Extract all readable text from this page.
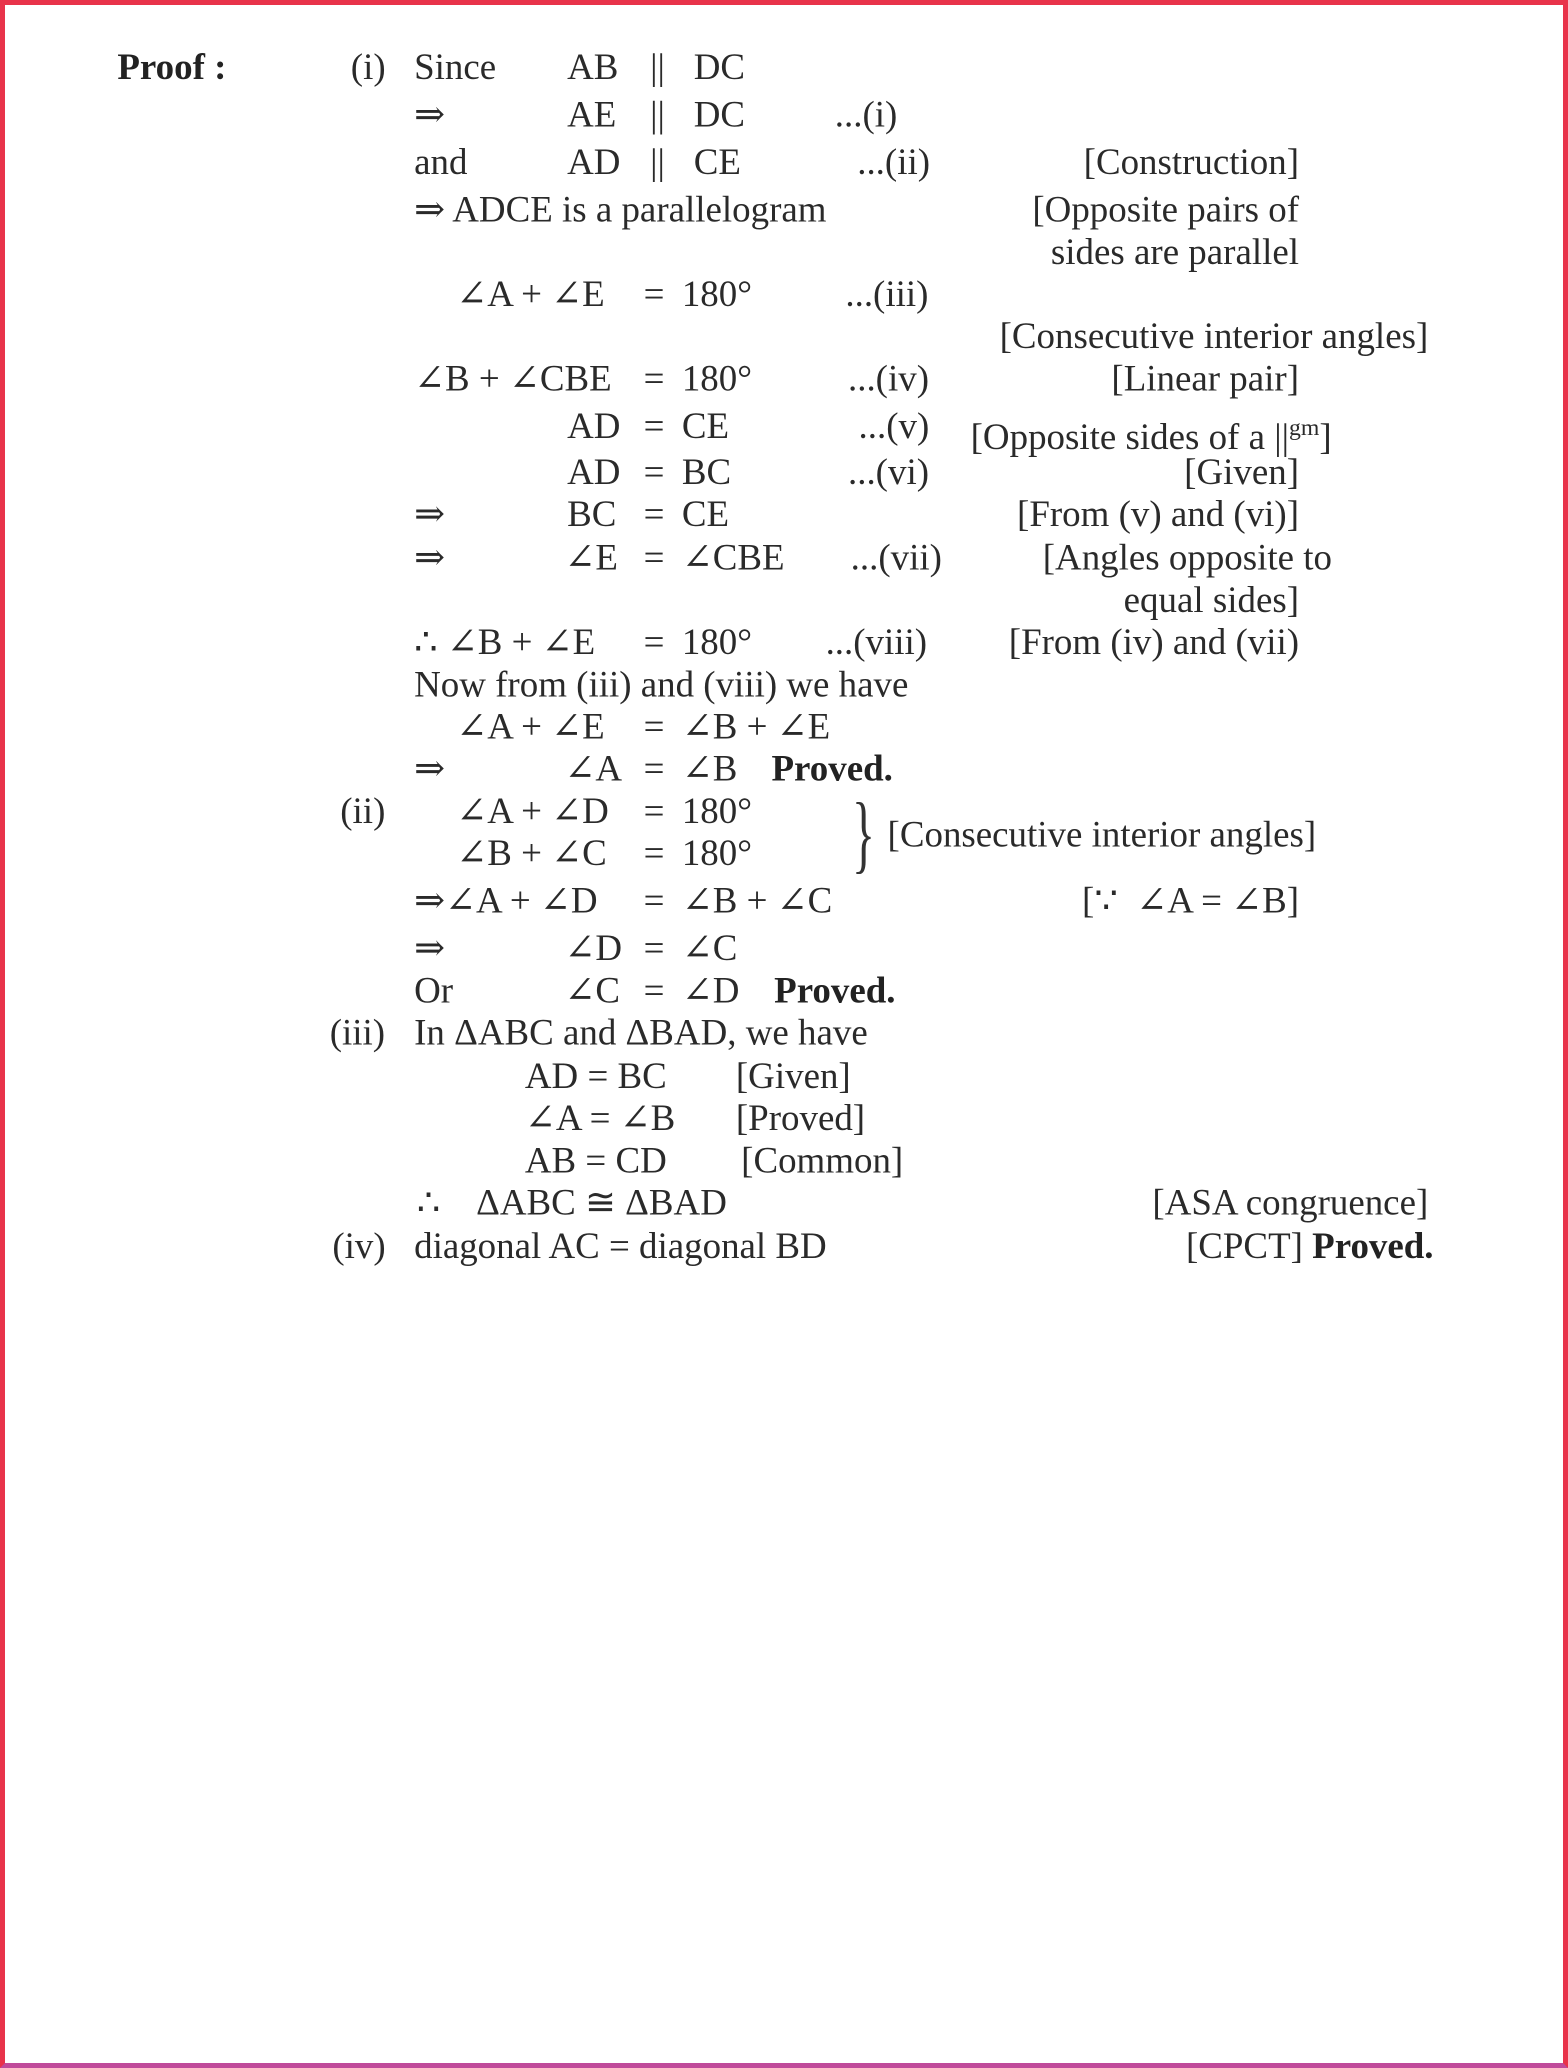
Proof :	(i) Since	AB || DC
⇒	AE || DC	...(i)
and	AD || CE	...(ii)	[Construction]
⇒ ADCE is a parallelogram	[Opposite pairs of
sides are parallel
∠A + ∠E = 180°	...(iii)
[Consecutive interior angles]
∠B + ∠CBE = 180°	...(iv)	[Linear pair]
AD = CE	...(v) [Opposite sides of a $||^{gm}$]
AD = BC	...(vi)	[Given]
⇒	BC = CE	[From (v) and (vi)]
⇒	∠E = ∠CBE ...(vii)	[Angles opposite to
equal sides]
∴ ∠B + ∠E = 180°	...(viii)	[From (iv) and (vii)
Now from (iii) and (viii) we have
∠A + ∠E = ∠B + ∠E
⇒	∠A = ∠B Proved.
(ii)	∠A + ∠D = 180°
∠B + ∠C = 180° } [Consecutive interior angles]
⇒∠A + ∠D = ∠B + ∠C	[∵  ∠A = ∠B]
⇒	∠D = ∠C
Or	∠C = ∠D Proved.
(iii) In ΔABC and ΔBAD, we have
AD = BC [Given]
∠A = ∠B [Proved]
AB = CD	[Common]
∴ ΔABC ≅ ΔBAD	[ASA congruence]
(iv) diagonal AC = diagonal BD	[CPCT] Proved.
